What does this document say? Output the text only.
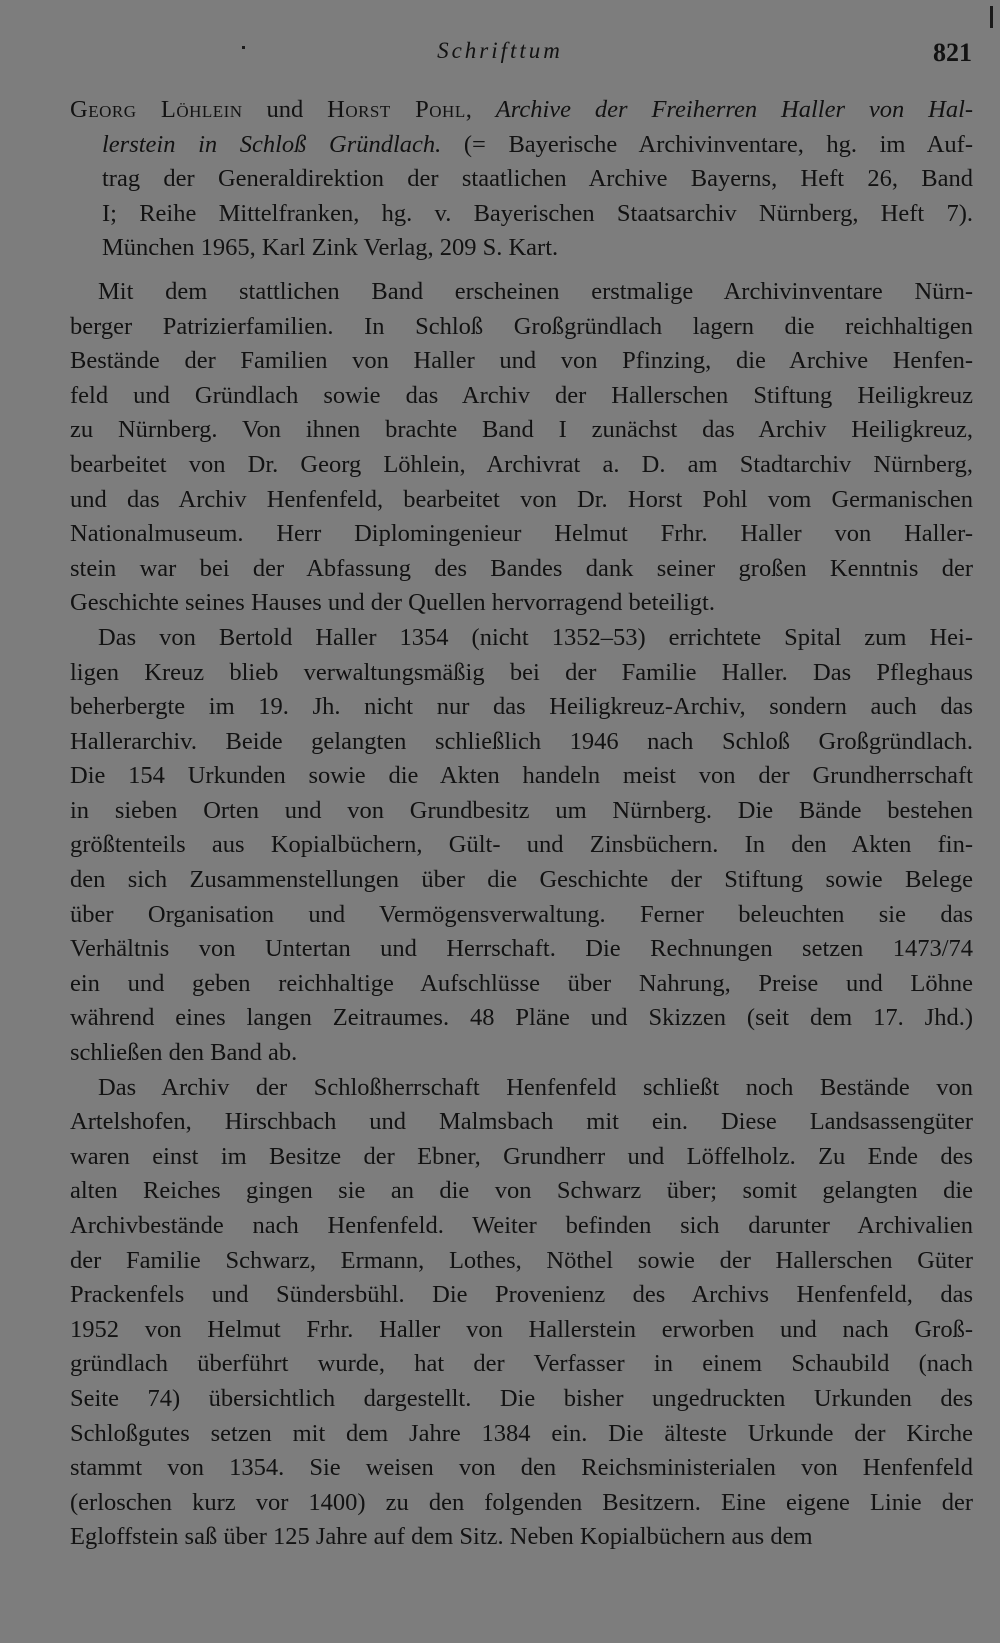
Schrifttum	821
Georg Löhlein und Horst Pohl, Archive der Freiherren Haller von Hal-
lerstein in Schloß Gründlach. (= Bayerische Archivinventare, hg. im Auf-
trag der Generaldirektion der staatlichen Archive Bayerns, Heft 26, Band
I; Reihe Mittelfranken, hg. v. Bayerischen Staatsarchiv Nürnberg, Heft 7).
München 1965, Karl Zink Verlag, 209 S. Kart.
Mit dem stattlichen Band erscheinen erstmalige Archivinventare Nürn-
berger Patrizierfamilien. In Schloß Großgründlach lagern die reichhaltigen
Bestände der Familien von Haller und von Pfinzing, die Archive Henfen-
feld und Gründlach sowie das Archiv der Hallerschen Stiftung Heiligkreuz
zu Nürnberg. Von ihnen brachte Band I zunächst das Archiv Heiligkreuz,
bearbeitet von Dr. Georg Löhlein, Archivrat a. D. am Stadtarchiv Nürnberg,
und das Archiv Henfenfeld, bearbeitet von Dr. Horst Pohl vom Germanischen
Nationalmuseum. Herr Diplomingenieur Helmut Frhr. Haller von Haller-
stein war bei der Abfassung des Bandes dank seiner großen Kenntnis der
Geschichte seines Hauses und der Quellen hervorragend beteiligt.
Das von Bertold Haller 1354 (nicht 1352–53) errichtete Spital zum Hei-
ligen Kreuz blieb verwaltungsmäßig bei der Familie Haller. Das Pfleghaus
beherbergte im 19. Jh. nicht nur das Heiligkreuz-Archiv, sondern auch das
Hallerarchiv. Beide gelangten schließlich 1946 nach Schloß Großgründlach.
Die 154 Urkunden sowie die Akten handeln meist von der Grundherrschaft
in sieben Orten und von Grundbesitz um Nürnberg. Die Bände bestehen
größtenteils aus Kopialbüchern, Gült- und Zinsbüchern. In den Akten fin-
den sich Zusammenstellungen über die Geschichte der Stiftung sowie Belege
über Organisation und Vermögensverwaltung. Ferner beleuchten sie das
Verhältnis von Untertan und Herrschaft. Die Rechnungen setzen 1473/74
ein und geben reichhaltige Aufschlüsse über Nahrung, Preise und Löhne
während eines langen Zeitraumes. 48 Pläne und Skizzen (seit dem 17. Jhd.)
schließen den Band ab.
Das Archiv der Schloßherrschaft Henfenfeld schließt noch Bestände von
Artelshofen, Hirschbach und Malmsbach mit ein. Diese Landsassengüter
waren einst im Besitze der Ebner, Grundherr und Löffelholz. Zu Ende des
alten Reiches gingen sie an die von Schwarz über; somit gelangten die
Archivbestände nach Henfenfeld. Weiter befinden sich darunter Archivalien
der Familie Schwarz, Ermann, Lothes, Nöthel sowie der Hallerschen Güter
Prackenfels und Sündersbühl. Die Provenienz des Archivs Henfenfeld, das
1952 von Helmut Frhr. Haller von Hallerstein erworben und nach Groß-
gründlach überführt wurde, hat der Verfasser in einem Schaubild (nach
Seite 74) übersichtlich dargestellt. Die bisher ungedruckten Urkunden des
Schloßgutes setzen mit dem Jahre 1384 ein. Die älteste Urkunde der Kirche
stammt von 1354. Sie weisen von den Reichsministerialen von Henfenfeld
(erloschen kurz vor 1400) zu den folgenden Besitzern. Eine eigene Linie der
Egloffstein saß über 125 Jahre auf dem Sitz. Neben Kopialbüchern aus dem
